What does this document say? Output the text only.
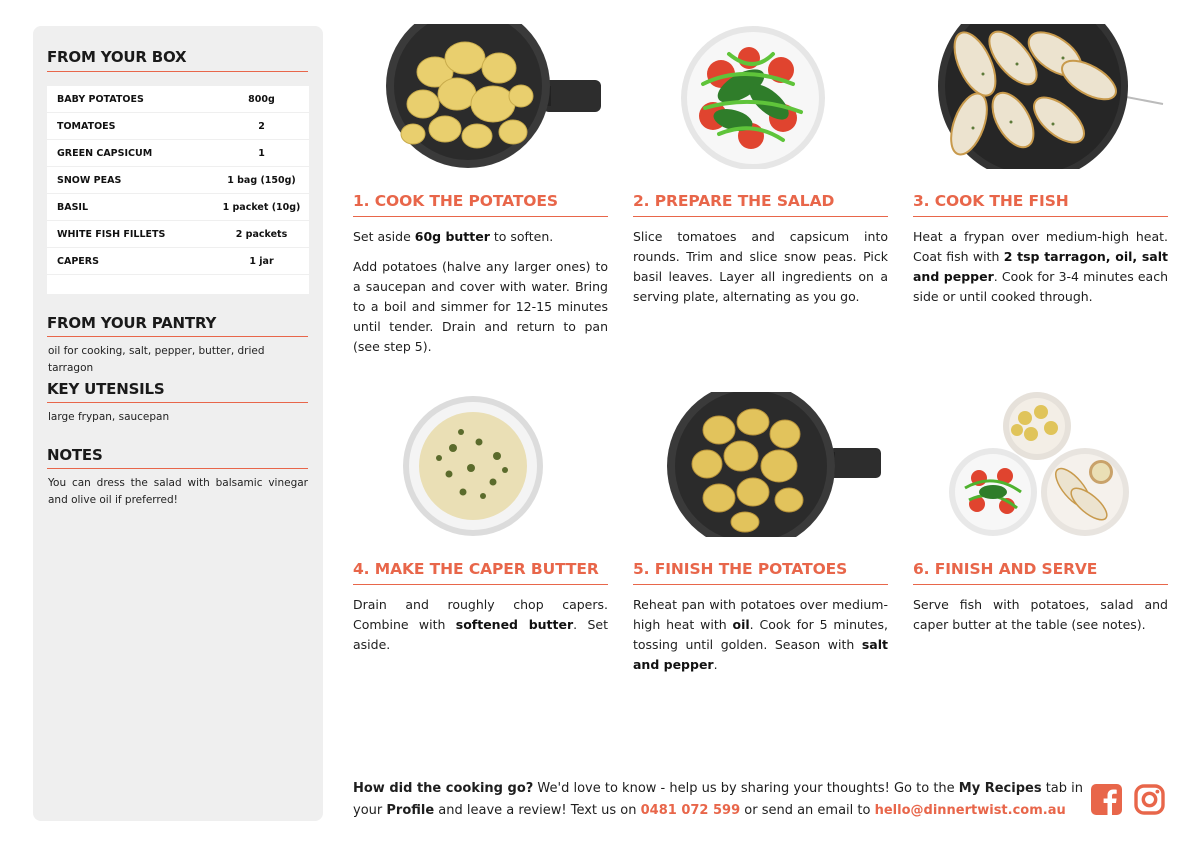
FROM YOUR BOX
BABY POTATOES	800g
TOMATOES	2
GREEN CAPSICUM	1
SNOW PEAS	1 bag (150g)
BASIL	1 packet (10g)
WHITE FISH FILLETS	2 packets
CAPERS	1 jar
FROM YOUR PANTRY
oil for cooking, salt, pepper, butter, dried tarragon
KEY UTENSILS
large frypan, saucepan
NOTES
You can dress the salad with balsamic vinegar and olive oil if preferred!
1. COOK THE POTATOES

Set aside 60g butter to soften.

Add potatoes (halve any larger ones) to a saucepan and cover with water. Bring to a boil and simmer for 12-15 minutes until tender. Drain and return to pan (see step 5).

2. PREPARE THE SALAD

Slice tomatoes and capsicum into rounds. Trim and slice snow peas. Pick basil leaves. Layer all ingredients on a serving plate, alternating as you go.

3. COOK THE FISH

Heat a frypan over medium-high heat. Coat fish with 2 tsp tarragon, oil, salt and pepper. Cook for 3-4 minutes each side or until cooked through.

4. MAKE THE CAPER BUTTER

Drain and roughly chop capers. Combine with softened butter. Set aside.

5. FINISH THE POTATOES

Reheat pan with potatoes over medium-high heat with oil. Cook for 5 minutes, tossing until golden. Season with salt and pepper.

6. FINISH AND SERVE

Serve fish with potatoes, salad and caper butter at the table (see notes).

How did the cooking go? We'd love to know - help us by sharing your thoughts! Go to the My Recipes tab in your Profile and leave a review! Text us on 0481 072 599 or send an email to hello@dinnertwist.com.au
